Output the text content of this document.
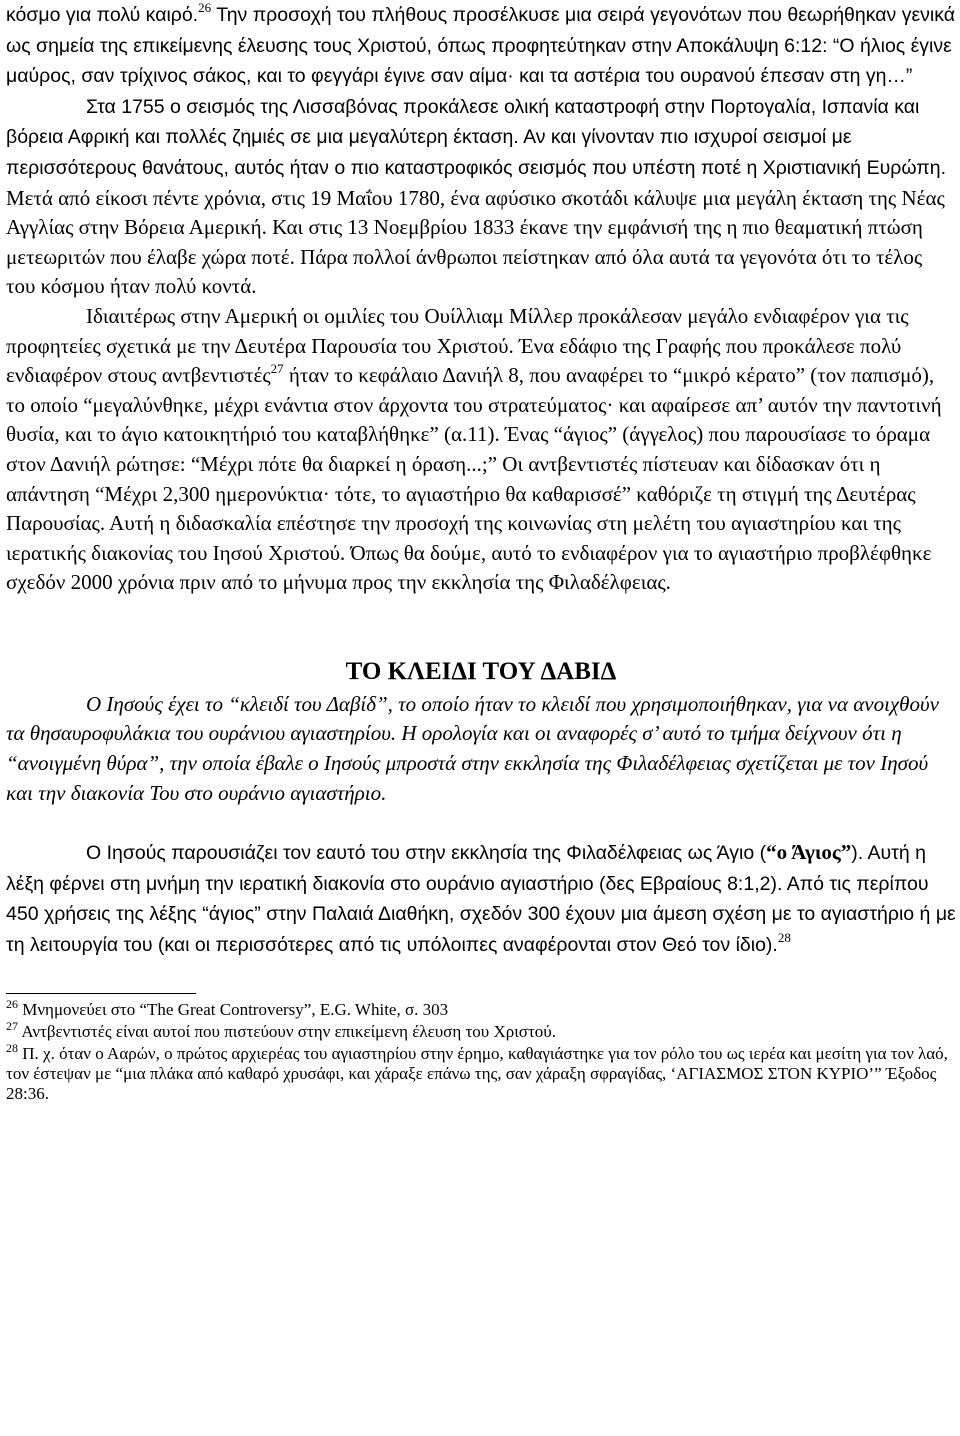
κόσμο για πολύ καιρό.$^{26}$ Την προσοχή του πλήθους προσέλκυσε μια σειρά γεγονότων που θεωρήθηκαν γενικά ως σημεία της επικείμενης έλευσης τους Χριστού, όπως προφητεύτηκαν στην Αποκάλυψη 6:12: “Ο ήλιος έγινε μαύρος, σαν τρίχινος σάκος, και το φεγγάρι έγινε σαν αίμα· και τα αστέρια του ουρανού έπεσαν στη γη…”

Στα 1755 ο σεισμός της Λισσαβόνας προκάλεσε ολική καταστροφή στην Πορτογαλία, Ισπανία και βόρεια Αφρική και πολλές ζημιές σε μια μεγαλύτερη έκταση. Αν και γίνονταν πιο ισχυροί σεισμοί με περισσότερους θανάτους, αυτός ήταν ο πιο καταστροφικός σεισμός που υπέστη ποτέ η Χριστιανική Ευρώπη. Μετά από είκοσι πέντε χρόνια, στις 19 Μαΐου 1780, ένα αφύσικο σκοτάδι κάλυψε μια μεγάλη έκταση της Νέας Αγγλίας στην Βόρεια Αμερική. Και στις 13 Νοεμβρίου 1833 έκανε την εμφάνισή της η πιο θεαματική πτώση μετεωριτών που έλαβε χώρα ποτέ. Πάρα πολλοί άνθρωποι πείστηκαν από όλα αυτά τα γεγονότα ότι το τέλος του κόσμου ήταν πολύ κοντά.

Ιδιαιτέρως στην Αμερική οι ομιλίες του Ουίλλιαμ Μίλλερ προκάλεσαν μεγάλο ενδιαφέρον για τις προφητείες σχετικά με την Δευτέρα Παρουσία του Χριστού. Ένα εδάφιο της Γραφής που προκάλεσε πολύ ενδιαφέρον στους αντβεντιστές$^{27}$ ήταν το κεφάλαιο Δανιήλ 8, που αναφέρει το “μικρό κέρατο” (τον παπισμό), το οποίο “μεγαλύνθηκε, μέχρι ενάντια στον άρχοντα του στρατεύματος· και αφαίρεσε απ’ αυτόν την παντοτινή θυσία, και το άγιο κατοικητήριό του καταβλήθηκε” (α.11). Ένας “άγιος” (άγγελος) που παρουσίασε το όραμα στον Δανιήλ ρώτησε: “Μέχρι πότε θα διαρκεί η όραση...;” Οι αντβεντιστές πίστευαν και δίδασκαν ότι η απάντηση “Μέχρι 2,300 ημερονύκτια· τότε, το αγιαστήριο θα καθαρισσέ” καθόριζε τη στιγμή της Δευτέρας Παρουσίας. Αυτή η διδασκαλία επέστησε την προσοχή της κοινωνίας στη μελέτη του αγιαστηρίου και της ιερατικής διακονίας του Ιησού Χριστού. Όπως θα δούμε, αυτό το ενδιαφέρον για το αγιαστήριο προβλέφθηκε σχεδόν 2000 χρόνια πριν από το μήνυμα προς την εκκλησία της Φιλαδέλφειας.

ΤΟ ΚΛΕΙΔΙ ΤΟΥ ΔΑΒΙΔ

Ο Ιησούς έχει το “κλειδί του Δαβίδ”, το οποίο ήταν το κλειδί που χρησιμοποιήθηκαν, για να ανοιχθούν τα θησαυροφυλάκια του ουράνιου αγιαστηρίου. Η ορολογία και οι αναφορές σ’ αυτό το τμήμα δείχνουν ότι η “ανοιγμένη θύρα”, την οποία έβαλε ο Ιησούς μπροστά στην εκκλησία της Φιλαδέλφειας σχετίζεται με τον Ιησού και την διακονία Του στο ουράνιο αγιαστήριο.

Ο Ιησούς παρουσιάζει τον εαυτό του στην εκκλησία της Φιλαδέλφειας ως Άγιο (“ο Άγιος”). Αυτή η λέξη φέρνει στη μνήμη την ιερατική διακονία στο ουράνιο αγιαστήριο (δες Εβραίους 8:1,2). Από τις περίπου 450 χρήσεις της λέξης “άγιος” στην Παλαιά Διαθήκη, σχεδόν 300 έχουν μια άμεση σχέση με το αγιαστήριο ή με τη λειτουργία του (και οι περισσότερες από τις υπόλοιπες αναφέρονται στον Θεό τον ίδιο).$^{28}$

$^{26}$ Μνημονεύει στο “The Great Controversy”, E.G. White, σ. 303

$^{27}$ Αντβεντιστές είναι αυτοί που πιστεύουν στην επικείμενη έλευση του Χριστού.

$^{28}$ Π. χ. όταν ο Ααρών, ο πρώτος αρχιερέας του αγιαστηρίου στην έρημο, καθαγιάστηκε για τον ρόλο του ως ιερέα και μεσίτη για τον λαό, τον έστεψαν με “μια πλάκα από καθαρό χρυσάφι, και χάραξε επάνω της, σαν χάραξη σφραγίδας, ‘ΑΓΙΑΣΜΟΣ ΣΤΟΝ ΚΥΡΙΟ’” Έξοδος 28:36.
